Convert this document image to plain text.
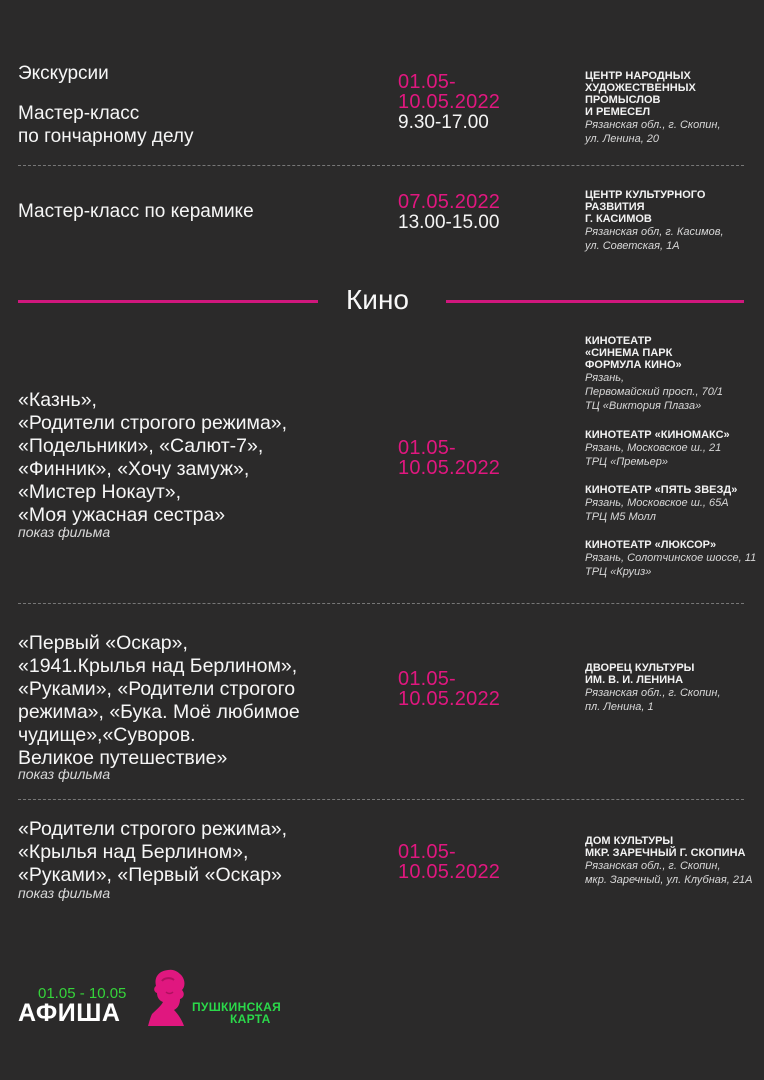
Экскурсии
Мастер-класс
по гончарному делу
01.05-
10.05.2022
9.30-17.00
ЦЕНТР НАРОДНЫХ
ХУДОЖЕСТВЕННЫХ ПРОМЫСЛОВ
И РЕМЕСЕЛ
Рязанская обл., г. Скопин,
ул. Ленина, 20
Мастер-класс по керамике	07.05.2022
13.00-15.00
ЦЕНТР КУЛЬТУРНОГО РАЗВИТИЯ
Г. КАСИМОВ
Рязанская обл, г. Касимов,
ул. Советская, 1А
Кино
«Казнь»,
«Родители строгого режима»,
«Подельники», «Салют-7»,
«Финник», «Хочу замуж»,
«Мистер Нокаут»,
«Моя ужасная сестра»
показ фильма
01.05-
10.05.2022
КИНОТЕАТР
«СИНЕМА ПАРК
ФОРМУЛА КИНО»
Рязань,
Первомайский просп., 70/1
ТЦ «Виктория Плаза»
КИНОТЕАТР «КИНОМАКС»
Рязань, Московское ш., 21
ТРЦ «Премьер»
КИНОТЕАТР «ПЯТЬ ЗВЕЗД»
Рязань, Московское ш., 65А
ТРЦ М5 Молл
КИНОТЕАТР «ЛЮКСОР»
Рязань, Солотчинское шоссе, 11
ТРЦ «Круиз»
«Первый «Оскар»,
«1941.Крылья над Берлином»,
«Руками», «Родители строгого
режима», «Бука. Моё любимое
чудище»,«Суворов.
Великое путешествие»
показ фильма
01.05-
10.05.2022
ДВОРЕЦ КУЛЬТУРЫ
ИМ. В. И. ЛЕНИНА
Рязанская обл., г. Скопин,
пл. Ленина, 1
«Родители строгого режима»,
«Крылья над Берлином»,
«Руками», «Первый «Оскар»
показ фильма
01.05-
10.05.2022
ДОМ КУЛЬТУРЫ
МКР. ЗАРЕЧНЫЙ Г. СКОПИНА
Рязанская обл., г. Скопин,
мкр. Заречный, ул. Клубная, 21А
01.05 - 10.05
АФИША	ПУШКИНСКАЯ
КАРТА
